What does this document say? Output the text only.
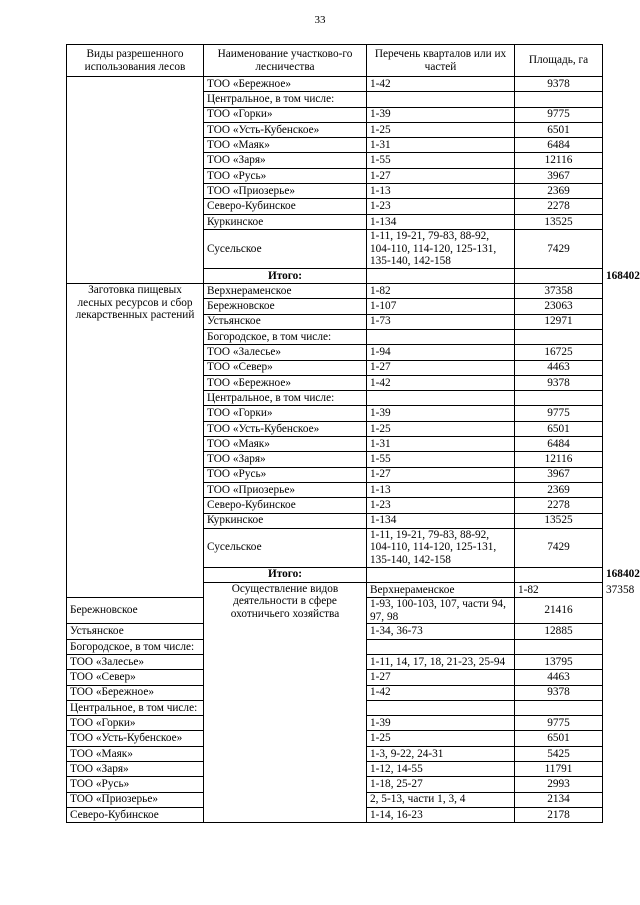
33
Виды разрешенного использования лесов	Наименование участково-го лесничества	Перечень кварталов или их частей	Площадь, га	
	ТОО «Бережное»	1-42	9378	
	Центральное, в том числе:			
	ТОО «Горки»	1-39	9775	
	ТОО «Усть-Кубенское»	1-25	6501	
	ТОО «Маяк»	1-31	6484	
	ТОО «Заря»	1-55	12116	
	ТОО «Русь»	1-27	3967	
	ТОО «Приозерье»	1-13	2369	
	Северо-Кубинское	1-23	2278	
	Куркинское	1-134	13525	
	Сусельское	1-11, 19-21, 79-83, 88-92, 104-110, 114-120, 125-131, 135-140, 142-158	7429	
	Итого:			168402
Заготовка пищевых лесных ресурсов и сбор лекарственных растений	Верхнераменское	1-82	37358	
	Бережновское	1-107	23063	
	Устьянское	1-73	12971	
	Богородское, в том числе:			
	ТОО «Залесье»	1-94	16725	
	ТОО «Север»	1-27	4463	
	ТОО «Бережное»	1-42	9378	
	Центральное, в том числе:			
	ТОО «Горки»	1-39	9775	
	ТОО «Усть-Кубенское»	1-25	6501	
	ТОО «Маяк»	1-31	6484	
	ТОО «Заря»	1-55	12116	
	ТОО «Русь»	1-27	3967	
	ТОО «Приозерье»	1-13	2369	
	Северо-Кубинское	1-23	2278	
	Куркинское	1-134	13525	
	Сусельское	1-11, 19-21, 79-83, 88-92, 104-110, 114-120, 125-131, 135-140, 142-158	7429	
	Итого:			168402
	Осуществление видов деятельности в сфере охотничьего хозяйства	Верхнераменское	1-82	37358
Бережновское		1-93, 100-103, 107, части 94, 97, 98	21416	
Устьянское		1-34, 36-73	12885	
Богородское, в том числе:				
ТОО «Залесье»		1-11, 14, 17, 18, 21-23, 25-94	13795	
ТОО «Север»		1-27	4463	
ТОО «Бережное»		1-42	9378	
Центральное, в том числе:				
ТОО «Горки»		1-39	9775	
ТОО «Усть-Кубенское»		1-25	6501	
ТОО «Маяк»		1-3, 9-22, 24-31	5425	
ТОО «Заря»		1-12, 14-55	11791	
ТОО «Русь»		1-18, 25-27	2993	
ТОО «Приозерье»		2, 5-13, части 1, 3, 4	2134	
Северо-Кубинское		1-14, 16-23	2178	
